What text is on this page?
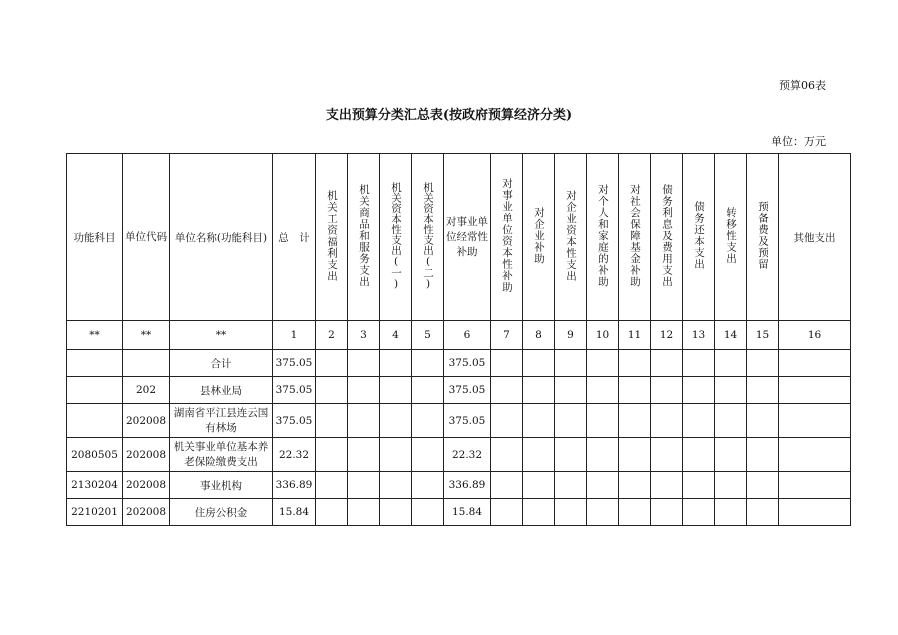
预算06表
支出预算分类汇总表(按政府预算经济分类)
单位：万元
功能科目	单位代码	单位名称(功能科目)	总　计	机关工资福利支出	机关商品和服务支出	机关资本性支出(一)	机关资本性支出(二)	对事业单位经常性补助	对事业单位资本性补助	对企业补助	对企业资本性支出	对个人和家庭的补助	对社会保障基金补助	债务利息及费用支出	债务还本支出	转移性支出	预备费及预留	其他支出
**	**	**	1	2	3	4	5	6	7	8	9	10	11	12	13	14	15	16
		合计	375.05					375.05										
	202	县林业局	375.05					375.05										
	202008	湖南省平江县连云国有林场	375.05					375.05										
2080505	202008	机关事业单位基本养老保险缴费支出	22.32					22.32										
2130204	202008	事业机构	336.89					336.89										
2210201	202008	住房公积金	15.84					15.84										
